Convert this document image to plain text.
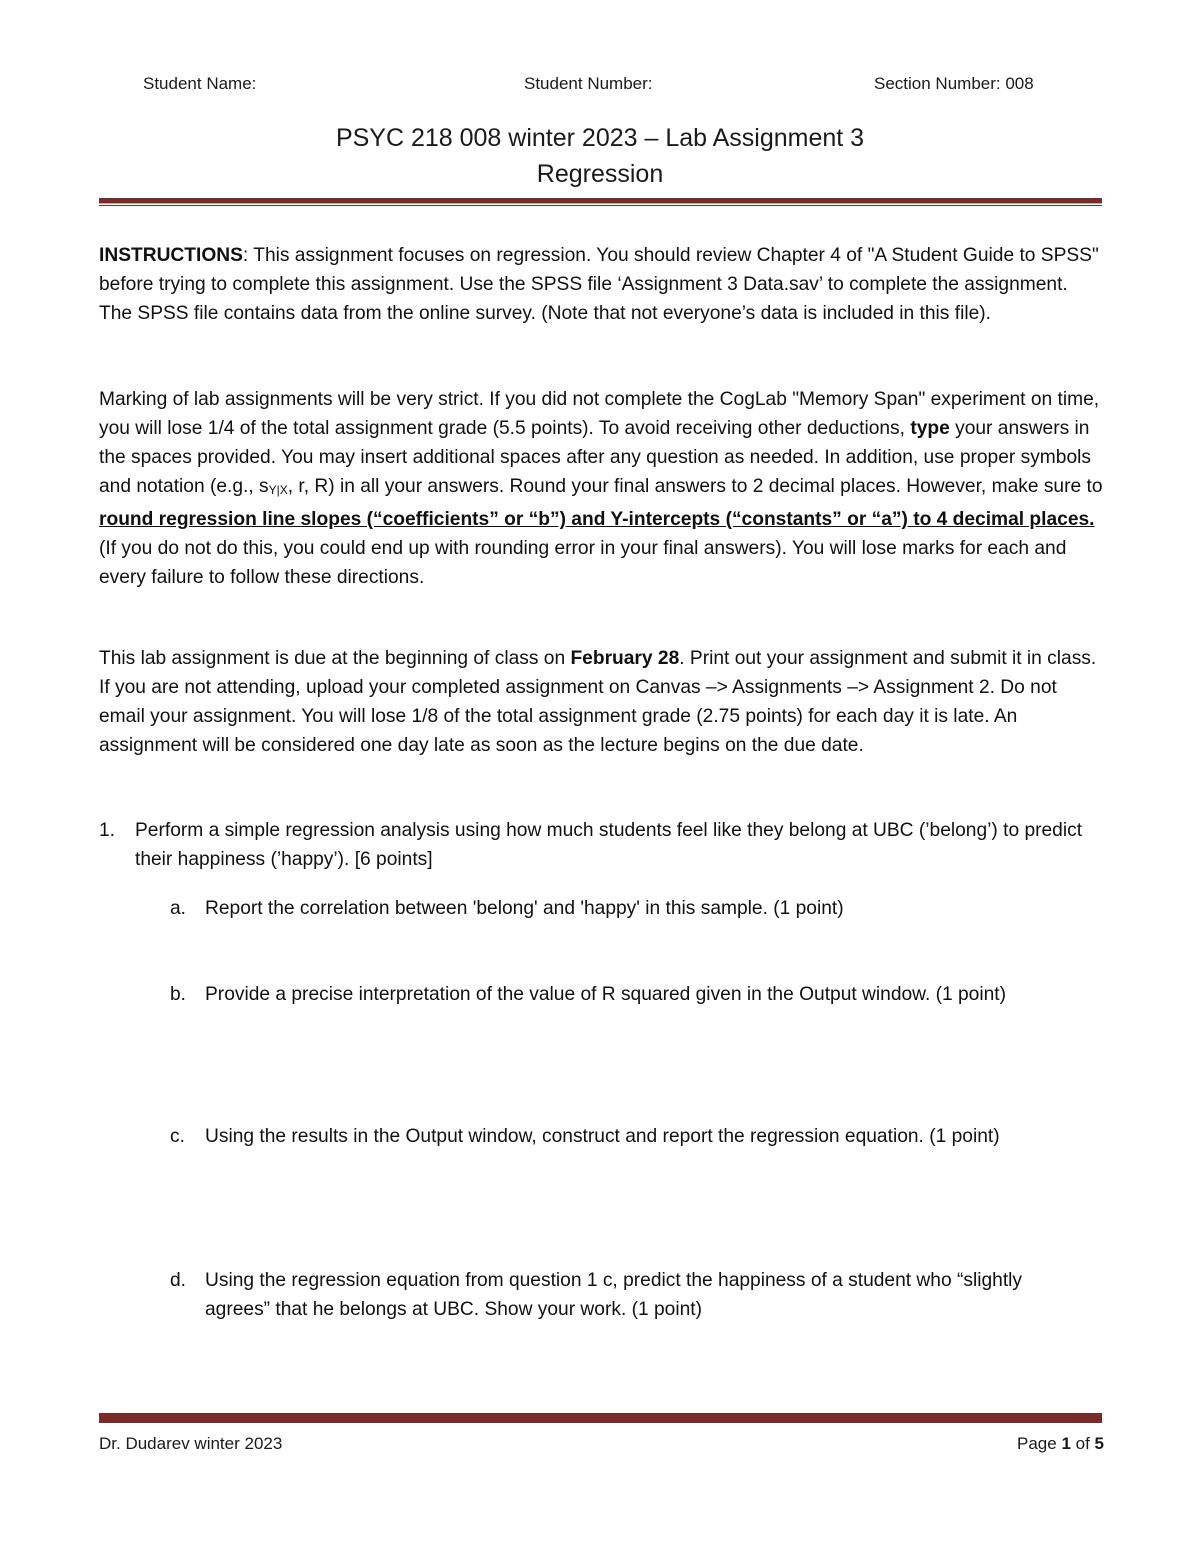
Student Name:	Student Number:	Section Number: 008
PSYC 218 008 winter 2023 – Lab Assignment 3
Regression
INSTRUCTIONS: This assignment focuses on regression. You should review Chapter 4 of "A Student Guide to SPSS" before trying to complete this assignment. Use the SPSS file ‘Assignment 3 Data.sav’ to complete the assignment. The SPSS file contains data from the online survey. (Note that not everyone’s data is included in this file).
Marking of lab assignments will be very strict. If you did not complete the CogLab "Memory Span" experiment on time, you will lose 1/4 of the total assignment grade (5.5 points). To avoid receiving other deductions, type your answers in the spaces provided. You may insert additional spaces after any question as needed. In addition, use proper symbols and notation (e.g., sY|X, r, R) in all your answers. Round your final answers to 2 decimal places. However, make sure to round regression line slopes (“coefficients” or “b”) and Y-intercepts (“constants” or “a”) to 4 decimal places. (If you do not do this, you could end up with rounding error in your final answers). You will lose marks for each and every failure to follow these directions.
This lab assignment is due at the beginning of class on February 28. Print out your assignment and submit it in class. If you are not attending, upload your completed assignment on Canvas –> Assignments –> Assignment 2. Do not email your assignment. You will lose 1/8 of the total assignment grade (2.75 points) for each day it is late. An assignment will be considered one day late as soon as the lecture begins on the due date.
1. Perform a simple regression analysis using how much students feel like they belong at UBC (’belong’) to predict their happiness (’happy’). [6 points]
a. Report the correlation between 'belong' and 'happy' in this sample. (1 point)
b. Provide a precise interpretation of the value of R squared given in the Output window. (1 point)
c. Using the results in the Output window, construct and report the regression equation. (1 point)
d. Using the regression equation from question 1 c, predict the happiness of a student who “slightly agrees” that he belongs at UBC. Show your work. (1 point)
Dr. Dudarev winter 2023	Page 1 of 5
